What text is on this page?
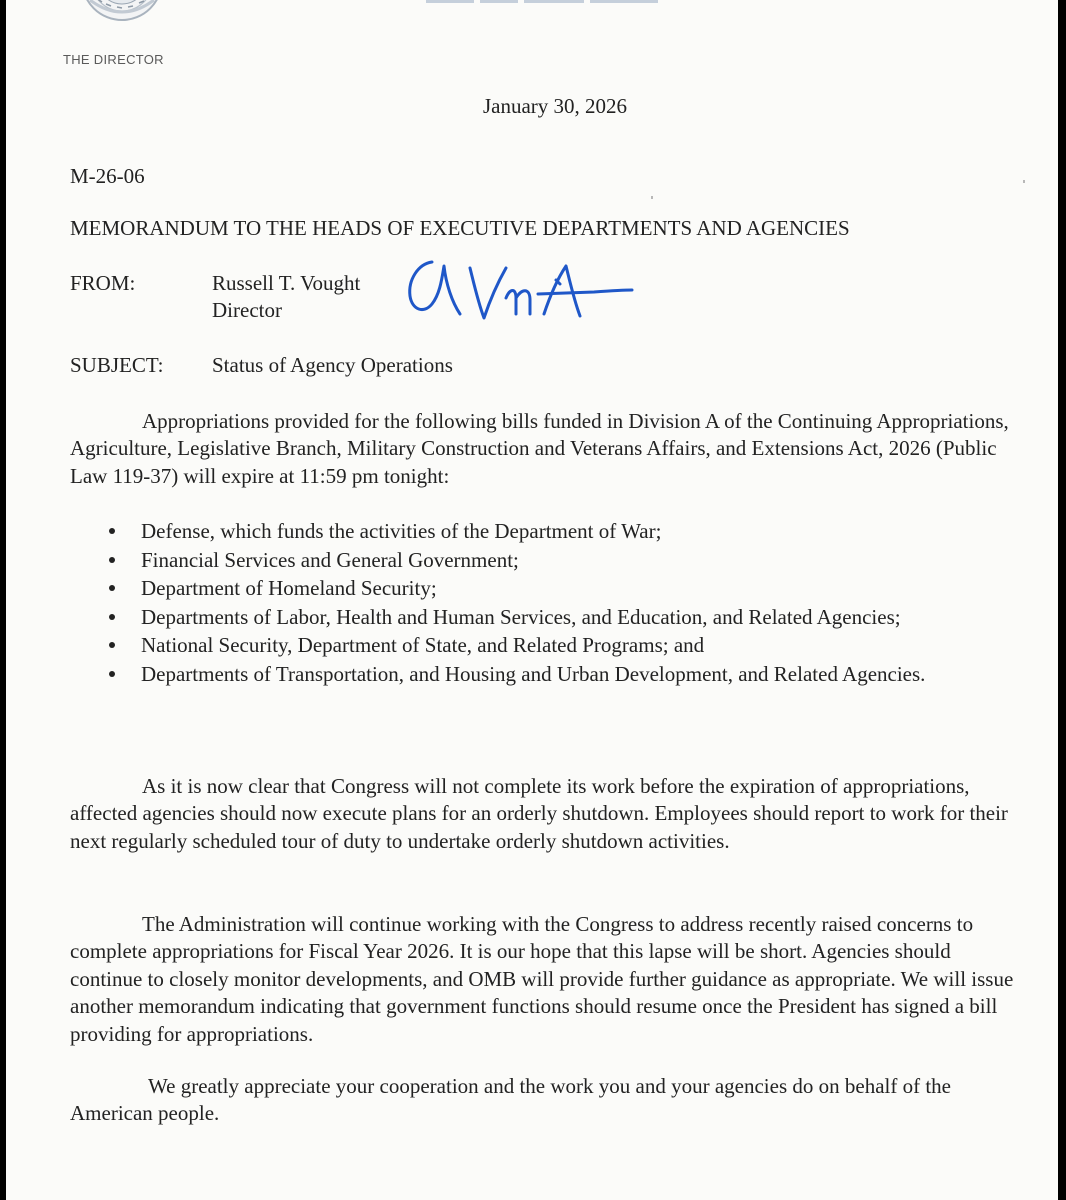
THE DIRECTOR
January 30, 2026
M-26-06
MEMORANDUM TO THE HEADS OF EXECUTIVE DEPARTMENTS AND AGENCIES
FROM:	Russell T. Vought
Director
SUBJECT: Status of Agency Operations

Appropriations provided for the following bills funded in Division A of the Continuing Appropriations, Agriculture, Legislative Branch, Military Construction and Veterans Affairs, and Extensions Act, 2026 (Public Law 119-37) will expire at 11:59 pm tonight:

Defense, which funds the activities of the Department of War;
Financial Services and General Government;
Department of Homeland Security;
Departments of Labor, Health and Human Services, and Education, and Related Agencies;
National Security, Department of State, and Related Programs; and
Departments of Transportation, and Housing and Urban Development, and Related Agencies.

As it is now clear that Congress will not complete its work before the expiration of appropriations, affected agencies should now execute plans for an orderly shutdown. Employees should report to work for their next regularly scheduled tour of duty to undertake orderly shutdown activities.

The Administration will continue working with the Congress to address recently raised concerns to complete appropriations for Fiscal Year 2026. It is our hope that this lapse will be short. Agencies should continue to closely monitor developments, and OMB will provide further guidance as appropriate. We will issue another memorandum indicating that government functions should resume once the President has signed a bill providing for appropriations.

We greatly appreciate your cooperation and the work you and your agencies do on behalf of the American people.
